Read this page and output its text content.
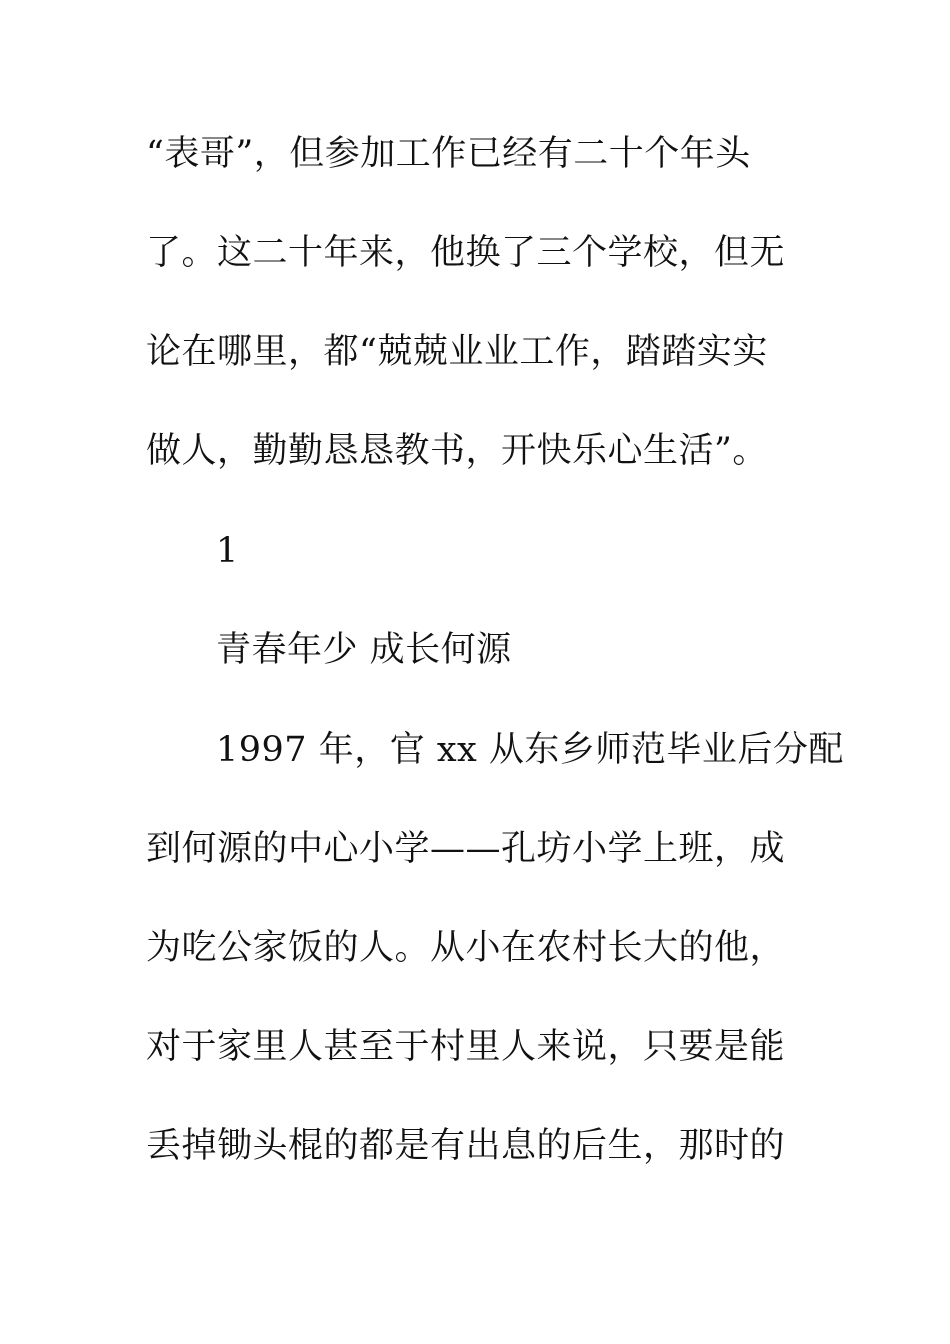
“表哥”，但参加工作已经有二十个年头
了。这二十年来，他换了三个学校，但无
论在哪里，都“兢兢业业工作，踏踏实实
做人，勤勤恳恳教书，开快乐心生活”。
1
青春年少 成长何源
1997 年，官 xx 从东乡师范毕业后分配
到何源的中心小学——孔坊小学上班，成
为吃公家饭的人。从小在农村长大的他，
对于家里人甚至于村里人来说，只要是能
丢掉锄头棍的都是有出息的后生，那时的
